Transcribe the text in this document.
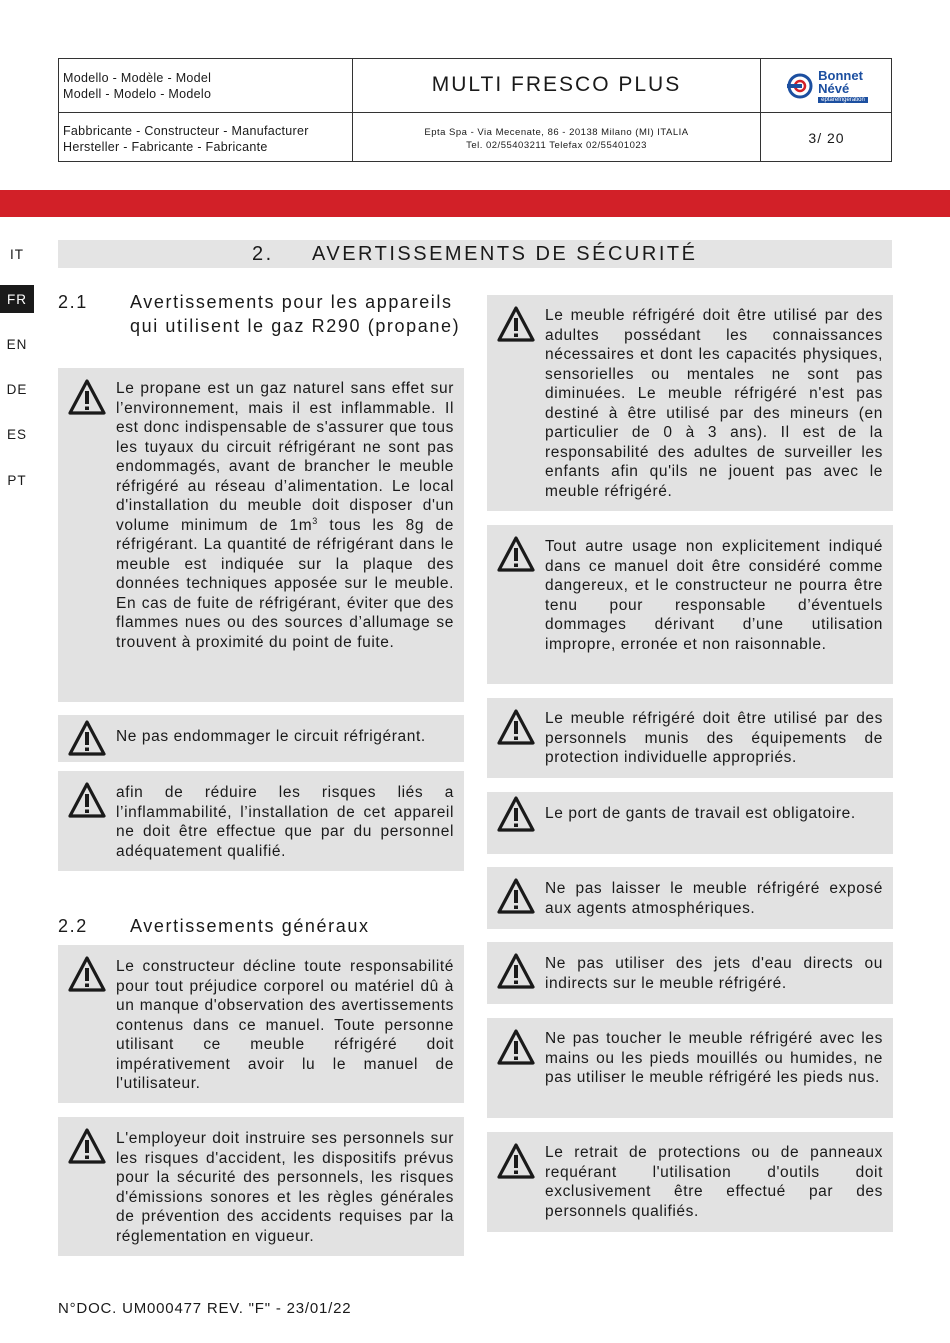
Modello - Modèle - Model
Modell - Modelo - Modelo	MULTI FRESCO PLUS	Bonnet
Névé
eptarefrigeration
Fabbricante - Constructeur - Manufacturer
Hersteller - Fabricante - Fabricante
Epta Spa - Via Mecenate, 86 - 20138 Milano (MI) ITALIA
Tel. 02/55403211 Telefax 02/55401023	3/ 20
IT
FR
EN
DE
ES
PT
2. AVERTISSEMENTS DE SÉCURITÉ
2.1 Avertissements pour les appareils qui utilisent le gaz R290 (propane)
Le propane est un gaz naturel sans effet sur l’environnement, mais il est inflammable. Il est donc indispensable de s'assurer que tous les tuyaux du circuit réfrigérant ne sont pas endommagés, avant de brancher le meuble réfrigéré au réseau d’alimentation. Le local d'installation du meuble doit disposer d'un volume minimum de $1m^3$ tous les 8g de réfrigérant. La quantité de réfrigérant dans le meuble est indiquée sur la plaque des données techniques apposée sur le meuble. En cas de fuite de réfrigérant, éviter que des flammes nues ou des sources d’allumage se trouvent à proximité du point de fuite.
Ne pas endommager le circuit réfrigérant.
afin de réduire les risques liés a l’inflammabilité, l’installation de cet appareil ne doit être effectue que par du personnel adéquatement qualifié.
2.2 Avertissements généraux
Le constructeur décline toute responsabilité pour tout préjudice corporel ou matériel dû à un manque d'observation des avertissements contenus dans ce manuel. Toute personne utilisant ce meuble réfrigéré doit impérativement avoir lu le manuel de l'utilisateur.
L'employeur doit instruire ses personnels sur les risques d'accident, les dispositifs prévus pour la sécurité des personnels, les risques d'émissions sonores et les règles générales de prévention des accidents requises par la réglementation en vigueur.
Le meuble réfrigéré doit être utilisé par des adultes possédant les connaissances nécessaires et dont les capacités physiques, sensorielles ou mentales ne sont pas diminuées. Le meuble réfrigéré n'est pas destiné à être utilisé par des mineurs (en particulier de 0 à 3 ans). Il est de la responsabilité des adultes de surveiller les enfants afin qu'ils ne jouent pas avec le meuble réfrigéré.
Tout autre usage non explicitement indiqué dans ce manuel doit être considéré comme dangereux, et le constructeur ne pourra être tenu pour responsable d’éventuels dommages dérivant d’une utilisation impropre, erronée et non raisonnable.
Le meuble réfrigéré doit être utilisé par des personnels munis des équipements de protection individuelle appropriés.
Le port de gants de travail est obligatoire.
Ne pas laisser le meuble réfrigéré exposé aux agents atmosphériques.
Ne pas utiliser des jets d'eau directs ou indirects sur le meuble réfrigéré.
Ne pas toucher le meuble réfrigéré avec les mains ou les pieds mouillés ou humides, ne pas utiliser le meuble réfrigéré les pieds nus.
Le retrait de protections ou de panneaux requérant l'utilisation d'outils doit exclusivement être effectué par des personnels qualifiés.
N°DOC. UM000477 REV. "F" - 23/01/22
